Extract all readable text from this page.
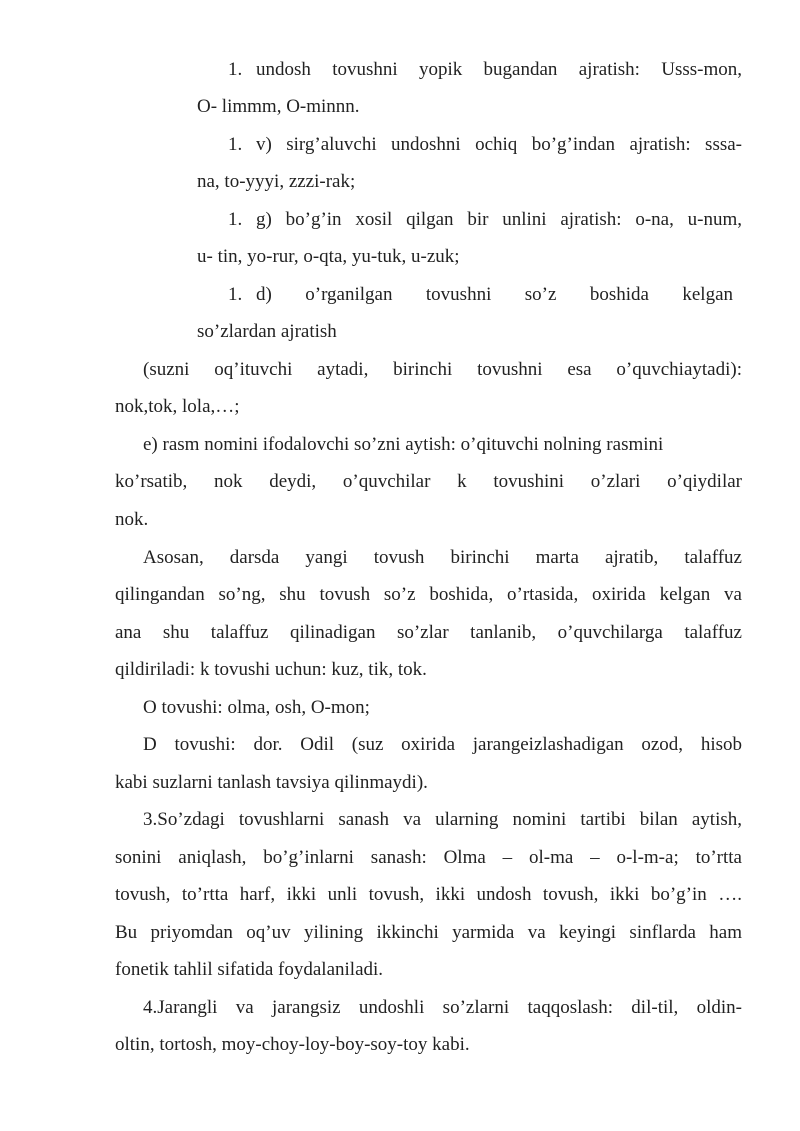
1. undosh tovushni yopik bugandan ajratish: Usss-mon,
O- limmm, O-minnn.
1. v) sirg’aluvchi undoshni ochiq bo’g’indan ajratish: sssa-
na, to-yyyi, zzzi-rak;
1. g) bo’g’in xosil qilgan bir unlini ajratish: o-na, u-num,
u- tin, yo-rur, o-qta, yu-tuk, u-zuk;
1. d) o’rganilgan tovushni so’z boshida kelgan
so’zlardan ajratish
(suzni oq’ituvchi aytadi, birinchi tovushni esa o’quvchiaytadi):
nok,tok, lola,…;
e) rasm nomini ifodalovchi so’zni aytish: o’qituvchi nolning rasmini
ko’rsatib, nok deydi, o’quvchilar k tovushini o’zlari o’qiydilar
nok.
Asosan, darsda yangi tovush birinchi marta ajratib, talaffuz
qilingandan so’ng, shu tovush so’z boshida, o’rtasida, oxirida kelgan va
ana shu talaffuz qilinadigan so’zlar tanlanib, o’quvchilarga talaffuz
qildiriladi: k tovushi uchun: kuz, tik, tok.
O tovushi: olma, osh, O-mon;
D tovushi: dor. Odil (suz oxirida jarangeizlashadigan ozod, hisob
kabi suzlarni tanlash tavsiya qilinmaydi).
3.So’zdagi tovushlarni sanash va ularning nomini tartibi bilan aytish,
sonini aniqlash, bo’g’inlarni sanash: Olma – ol-ma – o-l-m-a; to’rtta
tovush, to’rtta harf, ikki unli tovush, ikki undosh tovush, ikki bo’g’in ….
Bu priyomdan oq’uv yilining ikkinchi yarmida va keyingi sinflarda ham
fonetik tahlil sifatida foydalaniladi.
4.Jarangli va jarangsiz undoshli so’zlarni taqqoslash: dil-til, oldin-
oltin, tortosh, moy-choy-loy-boy-soy-toy kabi.
